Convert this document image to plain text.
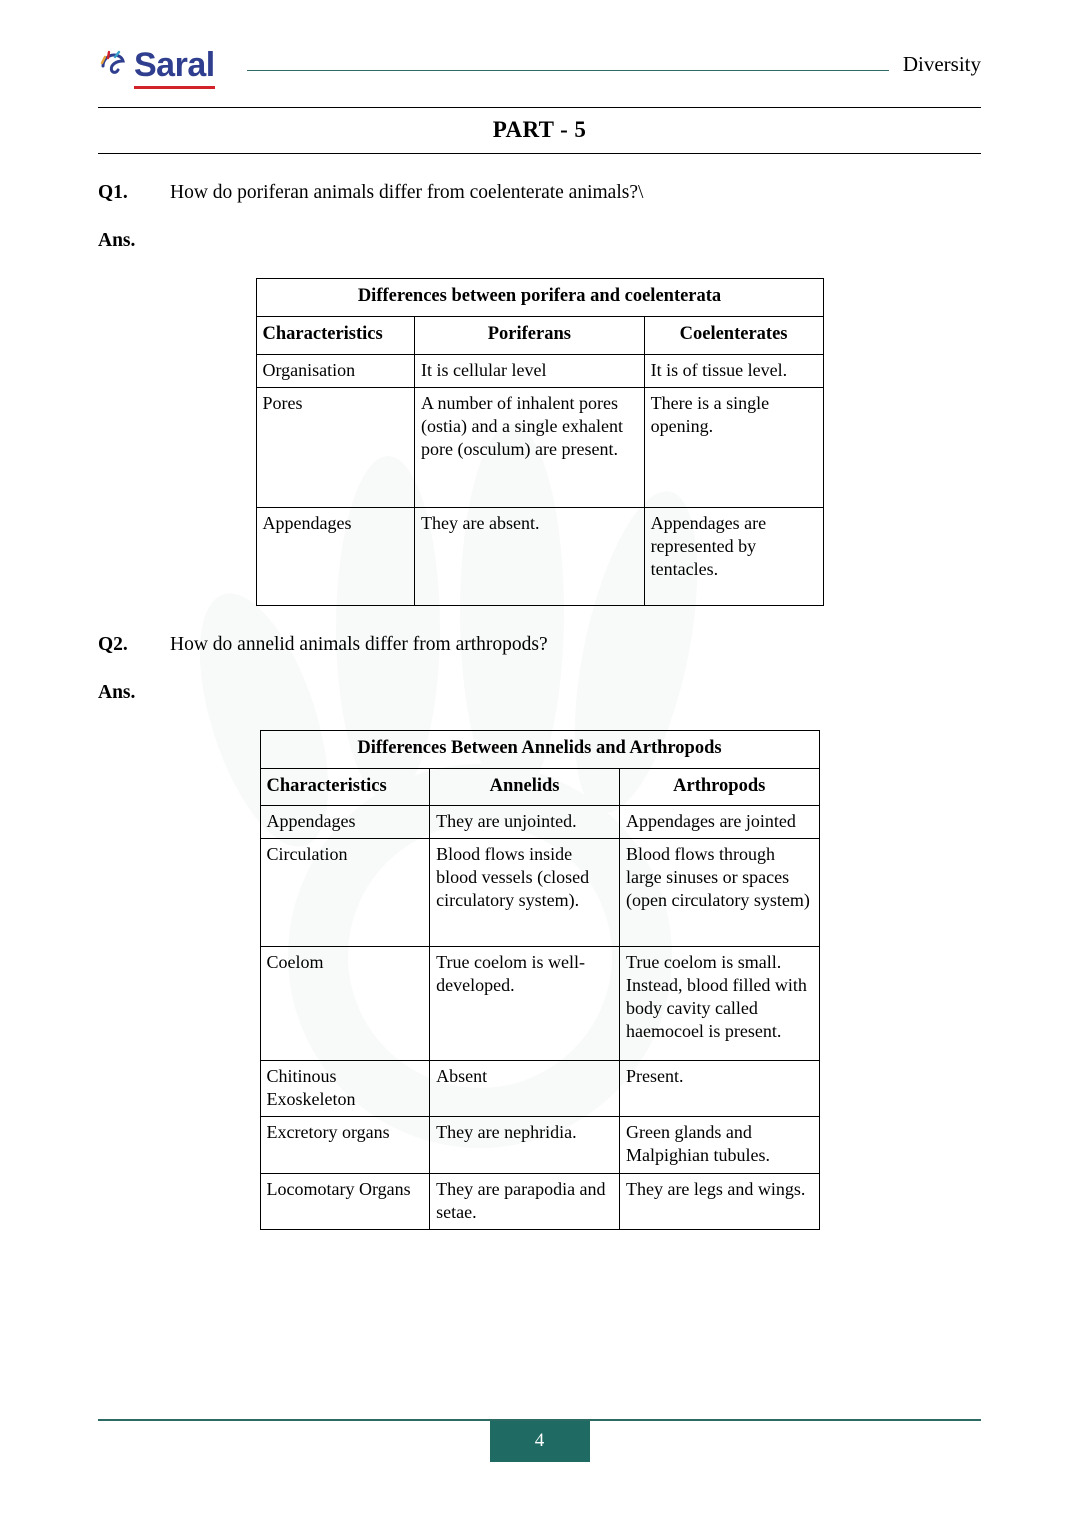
Saral	Diversity
PART - 5
Q1.	How do poriferan animals differ from coelenterate animals?\
Ans.
Differences between porifera and coelenterata		
Characteristics	Poriferans	Coelenterates
Organisation	It is cellular level	It is of tissue level.
Pores	A number of inhalent pores (ostia) and a single exhalent pore (osculum) are present.	There is a single opening.
Appendages	They are absent.	Appendages are represented by tentacles.
Q2.	How do annelid animals differ from arthropods?
Ans.
Differences Between Annelids and Arthropods		
Characteristics	Annelids	Arthropods
Appendages	They are unjointed.	Appendages are jointed
Circulation	Blood flows inside blood vessels (closed circulatory system).	Blood flows through large sinuses or spaces (open circulatory system)
Coelom	True coelom is well-developed.	True coelom is small. Instead, blood filled with body cavity called haemocoel is present.
Chitinous Exoskeleton	Absent	Present.
Excretory organs	They are nephridia.	Green glands and Malpighian tubules.
Locomotary Organs	They are parapodia and setae.	They are legs and wings.
4
